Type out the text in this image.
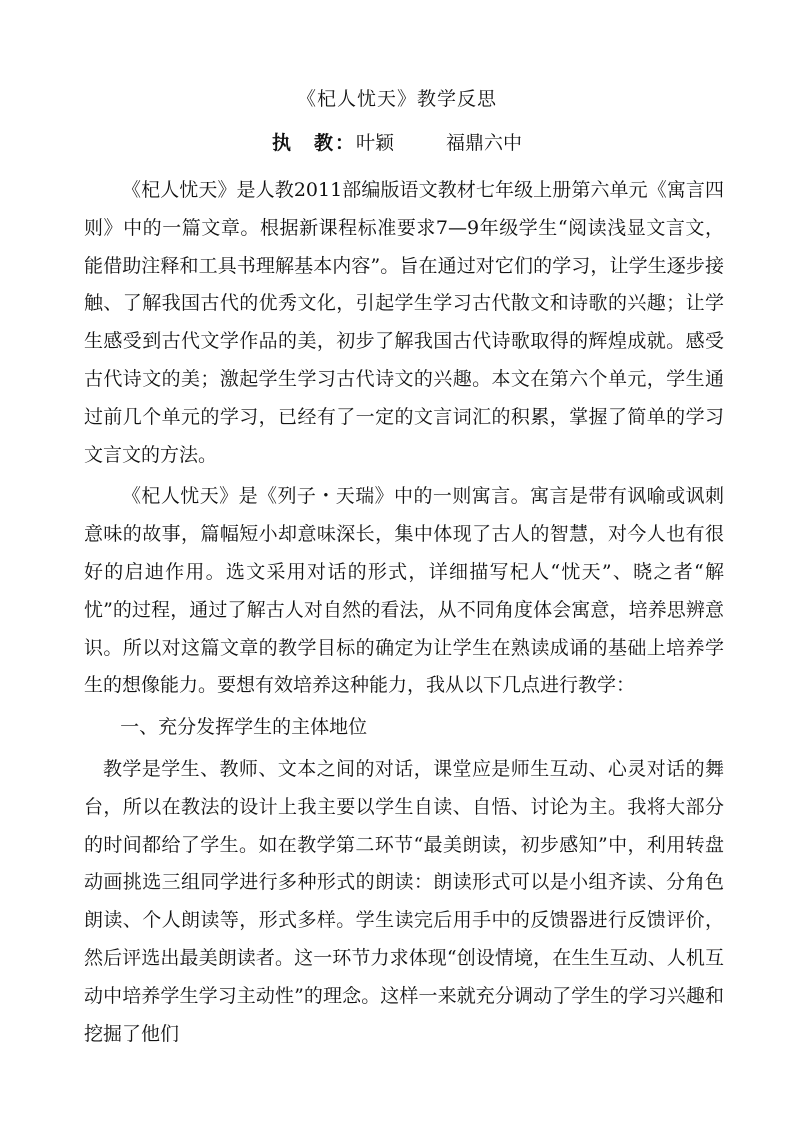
《杞人忧天》教学反思
执　教：叶颖	福鼎六中

《杞人忧天》是人教2011部编版语文教材七年级上册第六单元《寓言四则》中的一篇文章。根据新课程标准要求7—9年级学生“阅读浅显文言文，能借助注释和工具书理解基本内容”。旨在通过对它们的学习，让学生逐步接触、了解我国古代的优秀文化，引起学生学习古代散文和诗歌的兴趣；让学生感受到古代文学作品的美，初步了解我国古代诗歌取得的辉煌成就。感受古代诗文的美；激起学生学习古代诗文的兴趣。本文在第六个单元，学生通过前几个单元的学习，已经有了一定的文言词汇的积累，掌握了简单的学习文言文的方法。

《杞人忧天》是《列子・天瑞》中的一则寓言。寓言是带有讽喻或讽刺意味的故事，篇幅短小却意味深长，集中体现了古人的智慧，对今人也有很好的启迪作用。选文采用对话的形式，详细描写杞人“忧天”、晓之者“解忧”的过程，通过了解古人对自然的看法，从不同角度体会寓意，培养思辨意识。所以对这篇文章的教学目标的确定为让学生在熟读成诵的基础上培养学生的想像能力。要想有效培养这种能力，我从以下几点进行教学：

一、充分发挥学生的主体地位

教学是学生、教师、文本之间的对话，课堂应是师生互动、心灵对话的舞台，所以在教法的设计上我主要以学生自读、自悟、讨论为主。我将大部分的时间都给了学生。如在教学第二环节“最美朗读，初步感知”中，利用转盘动画挑选三组同学进行多种形式的朗读：朗读形式可以是小组齐读、分角色朗读、个人朗读等，形式多样。学生读完后用手中的反馈器进行反馈评价，然后评选出最美朗读者。这一环节力求体现“创设情境，在生生互动、人机互动中培养学生学习主动性”的理念。这样一来就充分调动了学生的学习兴趣和挖掘了他们
